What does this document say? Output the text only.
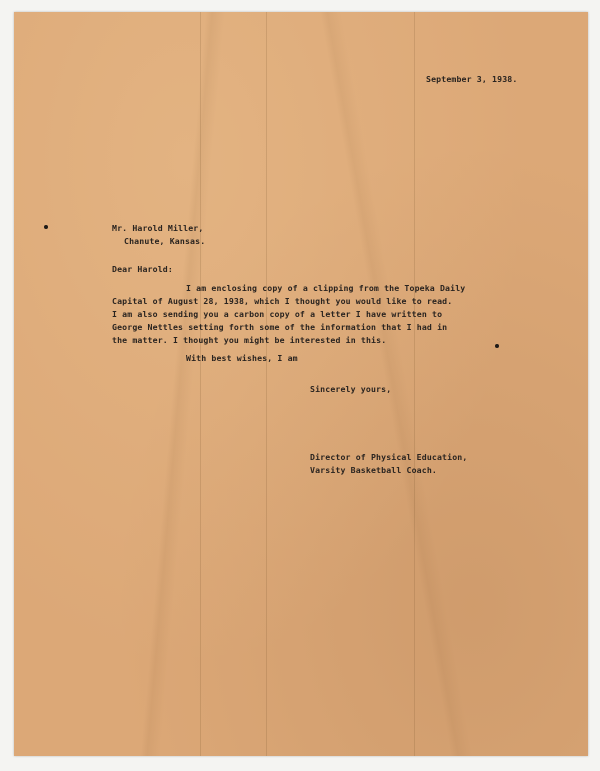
September 3, 1938.
Mr. Harold Miller,
Chanute, Kansas.
Dear Harold:
I am enclosing copy of a clipping from the Topeka Daily
Capital of August 28, 1938, which I thought you would like to read.
I am also sending you a carbon copy of a letter I have written to
George Nettles setting forth some of the information that I had in
the matter. I thought you might be interested in this.
With best wishes, I am
Sincerely yours,
Director of Physical Education,
Varsity Basketball Coach.
